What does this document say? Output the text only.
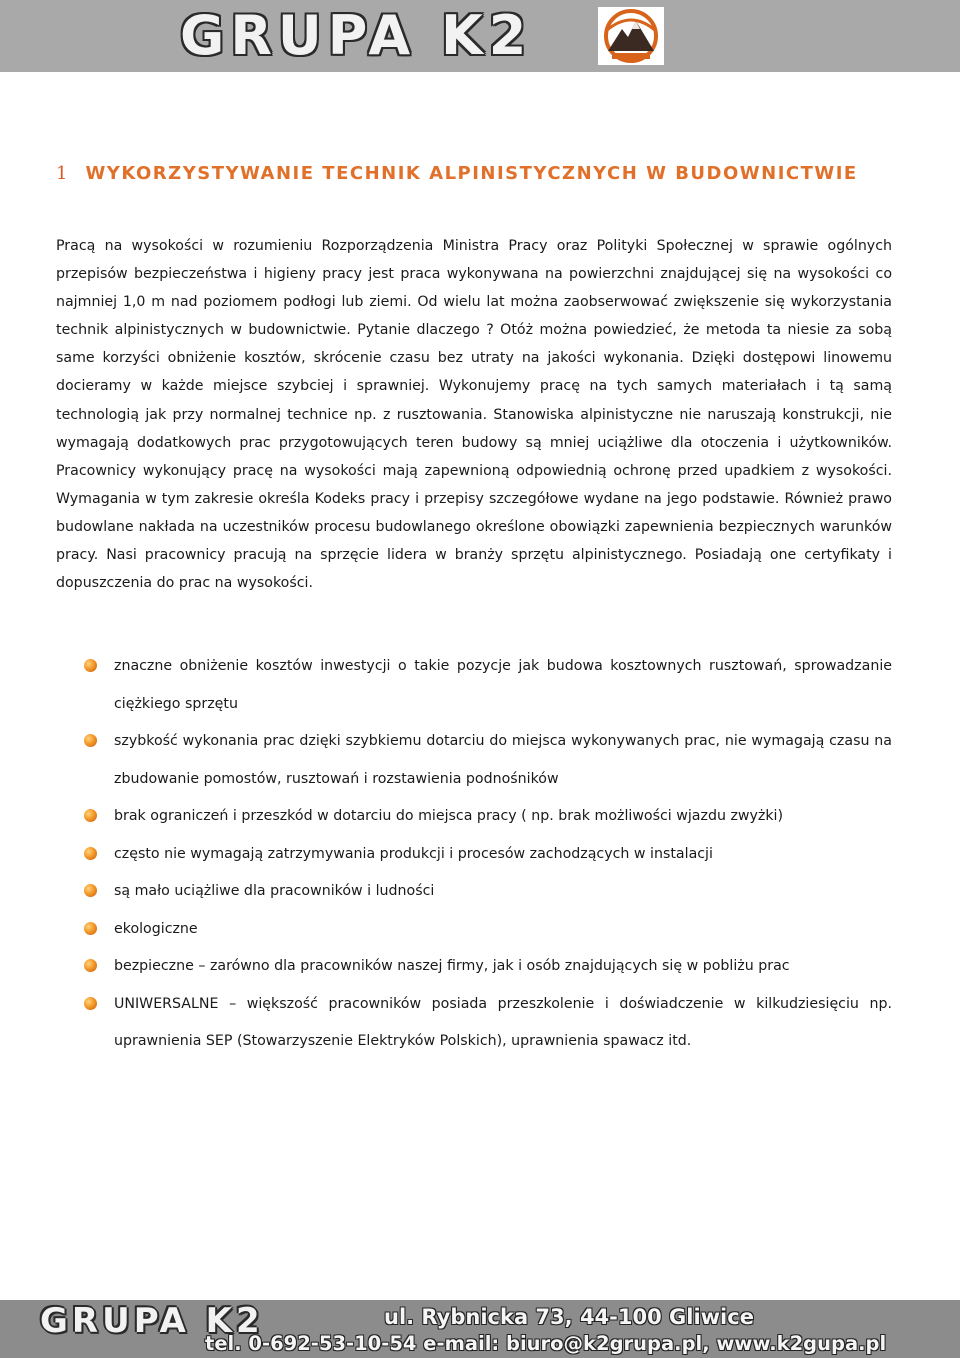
GRUPA K2
1 WYKORZYSTYWANIE TECHNIK ALPINISTYCZNYCH W BUDOWNICTWIE
Pracą na wysokości w rozumieniu Rozporządzenia Ministra Pracy oraz Polityki Społecznej w sprawie ogólnych przepisów bezpieczeństwa i higieny pracy jest praca wykonywana na powierzchni znajdującej się na wysokości co najmniej 1,0 m nad poziomem podłogi lub ziemi. Od wielu lat można zaobserwować zwiększenie się wykorzystania technik alpinistycznych w budownictwie. Pytanie dlaczego ? Otóż można powiedzieć, że metoda ta niesie za sobą same korzyści obniżenie kosztów, skrócenie czasu bez utraty na jakości wykonania. Dzięki dostępowi linowemu docieramy w każde miejsce szybciej i sprawniej. Wykonujemy pracę na tych samych materiałach i tą samą technologią jak przy normalnej technice np. z rusztowania. Stanowiska alpinistyczne nie naruszają konstrukcji, nie wymagają dodatkowych prac przygotowujących teren budowy są mniej uciążliwe dla otoczenia i użytkowników. Pracownicy wykonujący pracę na wysokości mają zapewnioną odpowiednią ochronę przed upadkiem z wysokości. Wymagania w tym zakresie określa Kodeks pracy i przepisy szczegółowe wydane na jego podstawie. Również prawo budowlane nakłada na uczestników procesu budowlanego określone obowiązki zapewnienia bezpiecznych warunków pracy. Nasi pracownicy pracują na sprzęcie lidera w branży sprzętu alpinistycznego. Posiadają one certyfikaty i dopuszczenia do prac na wysokości.
znaczne obniżenie kosztów inwestycji o takie pozycje jak budowa kosztownych rusztowań, sprowadzanie ciężkiego sprzętu
szybkość wykonania prac dzięki szybkiemu dotarciu do miejsca wykonywanych prac, nie wymagają czasu na zbudowanie pomostów, rusztowań i rozstawienia podnośników
brak ograniczeń i przeszkód w dotarciu do miejsca pracy ( np. brak możliwości wjazdu zwyżki)
często nie wymagają zatrzymywania produkcji i procesów zachodzących w instalacji
są mało uciążliwe dla pracowników i ludności
ekologiczne
bezpieczne – zarówno dla pracowników naszej firmy, jak i osób znajdujących się w pobliżu prac
UNIWERSALNE – większość pracowników posiada przeszkolenie i doświadczenie w kilkudziesięciu np. uprawnienia SEP (Stowarzyszenie Elektryków Polskich), uprawnienia spawacz itd.
GRUPA K2	ul. Rybnicka 73, 44-100 Gliwice
tel. 0-692-53-10-54 e-mail: biuro@k2grupa.pl, www.k2gupa.pl
